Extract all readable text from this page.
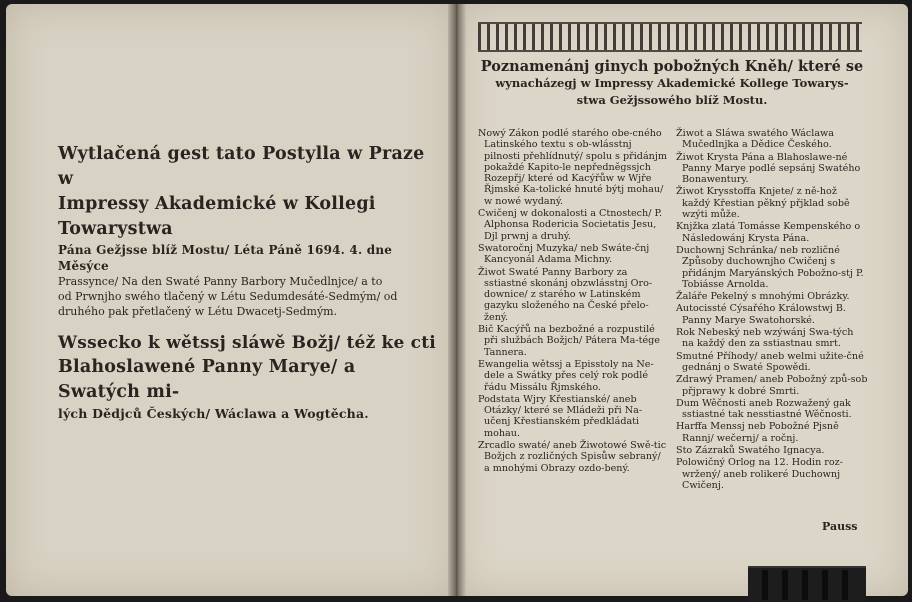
Wytlačená gest tato Postylla w Praze w

Impressy Akademické w Kollegi Towarystwa

Pána Gežjsse blíž Mostu/ Léta Páně 1694. 4. dne Měsýce

Prassynce/ Na den Swaté Panny Barbory Mučedlnjce/ a to

od Prwnjho swého tlačený w Létu Sedumdesáté-Sedmým/ od

druhého pak přetlačený w Létu Dwacetj-Sedmým.

Wssecko k wětssj sláwě Božj/ též ke cti

Blahoslawené Panny Marye/ a Swatých mi-

lých Dědjců Českých/ Wáclawa a Wogtěcha.

Poznamenánj ginych pobožných Kněh/ které se
wynacházegj w Impressy Akademické Kollege Towarys-
stwa Gežjssowého blíž Mostu.

Nowý Zákon podlé starého obe-cného Latinského textu s ob-wlásstnj pilnosti přehlídnutý/ spolu s přidánjm pokaždé Kapito-le nepředněgssjch Rozepřj/ které od Kacýřůw w Wjře Řjmské Ka-tolické hnuté býtj mohau/ w nowé wydaný.

Cwičenj w dokonalosti a Ctnostech/ P. Alphonsa Rodericia Societatis Jesu, Djl prwnj a druhý.

Swatoročnj Muzyka/ neb Swáte-čnj Kancyonál Adama Michny.

Žiwot Swaté Panny Barbory za sstiastné skonánj obzwlásstnj Oro-downice/ z starého w Latinském gazyku složeného na České přelo-žený.

Bič Kacýřů na bezbožné a rozpustilé při službách Božjch/ Pátera Ma-tége Tannera.

Ewangelia wětssj a Episstoly na Ne-dele a Swátky přes celý rok podlé řádu Missálu Řjmského.

Podstata Wjry Křestianské/ aneb Otázky/ které se Mládeži při Na-učenj Křestianském předkládati mohau.

Zrcadlo swaté/ aneb Žiwotowé Swě-tic Božjch z rozličných Spisůw sebraný/ a mnohými Obrazy ozdo-bený.

Žiwot a Sláwa swatého Wáclawa Mučedlnjka a Dědice Českého.

Žiwot Krysta Pána a Blahoslawe-né Panny Marye podlé sepsánj Swatého Bonawentury.

Žiwot Krysstoffa Knjete/ z ně-hož každý Křestian pěkný přjklad sobě wzýti může.

Knjžka zlatá Tomásse Kempenského o Následowánj Krysta Pána.

Duchownj Schránka/ neb rozličné Způsoby duchownjho Cwičenj s přidánjm Maryánských Pobožno-stj P. Tobiásse Arnolda.

Žaláře Pekelný s mnohými Obrázky.

Autocissté Cýsařého Králowstwj B. Panny Marye Swatohorské.

Rok Nebeský neb wzýwánj Swa-tých na každý den za sstiastnau smrt.

Smutné Příhody/ aneb welmi užite-čné gednánj o Swaté Spowědi.

Zdrawý Pramen/ aneb Pobožný způ-sob přjprawy k dobré Smrti.

Dum Wěčnosti aneb Rozwažený gak sstiastné tak nesstiastné Wěčnosti.

Harffa Menssj neb Pobožné Pjsně Rannj/ wečernj/ a ročnj.

Sto Zázraků Swatého Ignacya.

Polowičný Orlog na 12. Hodin roz-wržený/ aneb rolikeré Duchownj Cwičenj.

Pauss
